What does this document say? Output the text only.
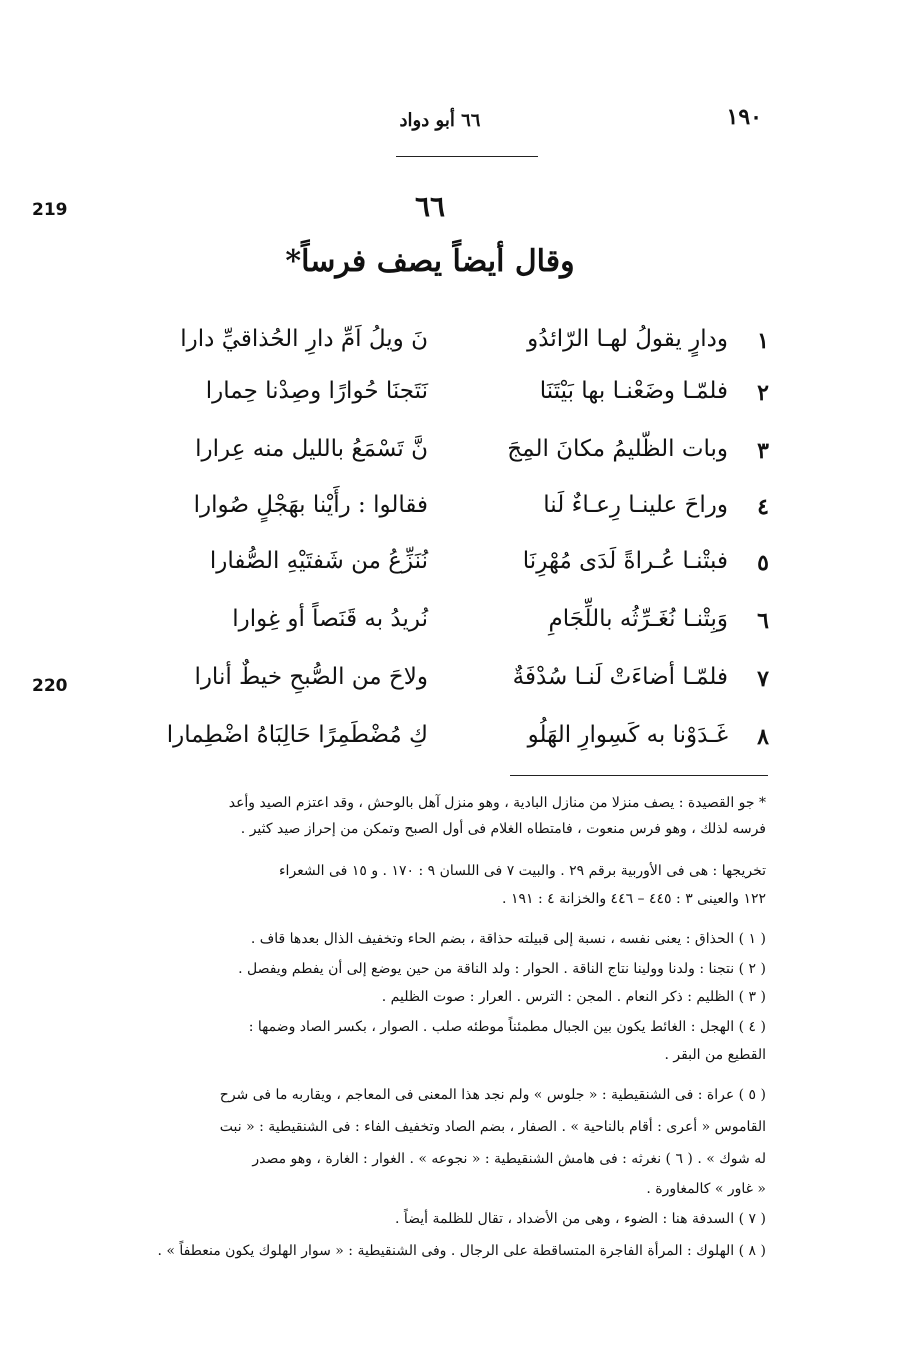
١٩٠
٦٦ أبو دواد
219
220
٦٦
وقال أيضاً يصف فرساً*
١
ودارٍ يقولُ لهـا الرّائدُو
نَ ويلُ اَمِّ دارِ الحُذاقيِّ دارا
٢
فلمّـا وضَعْنـا بها بَيْتَنَا
نَتَجنَا حُوارًا وصِدْنا حِمارا
٣
وبات الظّليمُ مكانَ المِجَ
نَّ تَسْمَعُ بالليل منه عِرارا
٤
وراحَ علينـا رِعـاءٌ لَنا
فقالوا : رأَيْنا بهَجْلٍ صُوارا
٥
فبتْنـا عُـراةً لَدَى مُهْرِنَا
نُنَزِّعُ من شَفتَيْهِ الصُّفارا
٦
وَبِتْنـا نُغَـرِّثُه باللِّجَامِ
نُريدُ به قَنَصاً أو غِوارا
٧
فلمّـا أضاءَتْ لَنـا سُدْفَةٌ
ولاحَ من الصُّبحِ خيطٌ أنارا
٨
غَـدَوْنا به كَسِوارِ الهَلُو
كِ مُضْطَمِرًا حَالِبَاهُ اضْطِمارا
* جو القصيدة : يصف منزلا من منازل البادية ، وهو منزل آهل بالوحش ، وقد اعتزم الصيد وأعد
فرسه لذلك ، وهو فرس منعوت ، فامتطاه الغلام فى أول الصبح وتمكن من إحراز صيد كثير .
تخريجها : هى فى الأوربية برقم ٢٩ . والبيت ٧ فى اللسان ٩ : ١٧٠ . و ١٥ فى الشعراء
١٢٢ والعينى ٣ : ٤٤٥ – ٤٤٦ والخزانة ٤ : ١٩١ .
( ١ ) الحذاق : يعنى نفسه ، نسبة إلى قبيلته حذاقة ، بضم الحاء وتخفيف الذال بعدها قاف .
( ٢ ) نتجنا : ولدنا وولينا نتاج الناقة . الحوار : ولد الناقة من حين يوضع إلى أن يفطم ويفصل .
( ٣ ) الظليم : ذكر النعام . المجن : الترس . العرار : صوت الظليم .
( ٤ ) الهجل : الغائط يكون بين الجبال مطمئناً موطئه صلب . الصوار ، بكسر الصاد وضمها :
القطيع من البقر .
( ٥ ) عراة : فى الشنقيطية : « جلوس » ولم نجد هذا المعنى فى المعاجم ، ويقاربه ما فى شرح
القاموس « أعرى : أقام بالناحية » . الصفار ، بضم الصاد وتخفيف الفاء : فى الشنقيطية : « نبت
له شوك » . ( ٦ ) نغرثه : فى هامش الشنقيطية : « نجوعه » . الغوار : الغارة ، وهو مصدر
« غاور » كالمغاورة .
( ٧ ) السدفة هنا : الضوء ، وهى من الأضداد ، تقال للظلمة أيضاً .
( ٨ ) الهلوك : المرأة الفاجرة المتساقطة على الرجال . وفى الشنقيطية : « سوار الهلوك يكون منعطفاً » .
